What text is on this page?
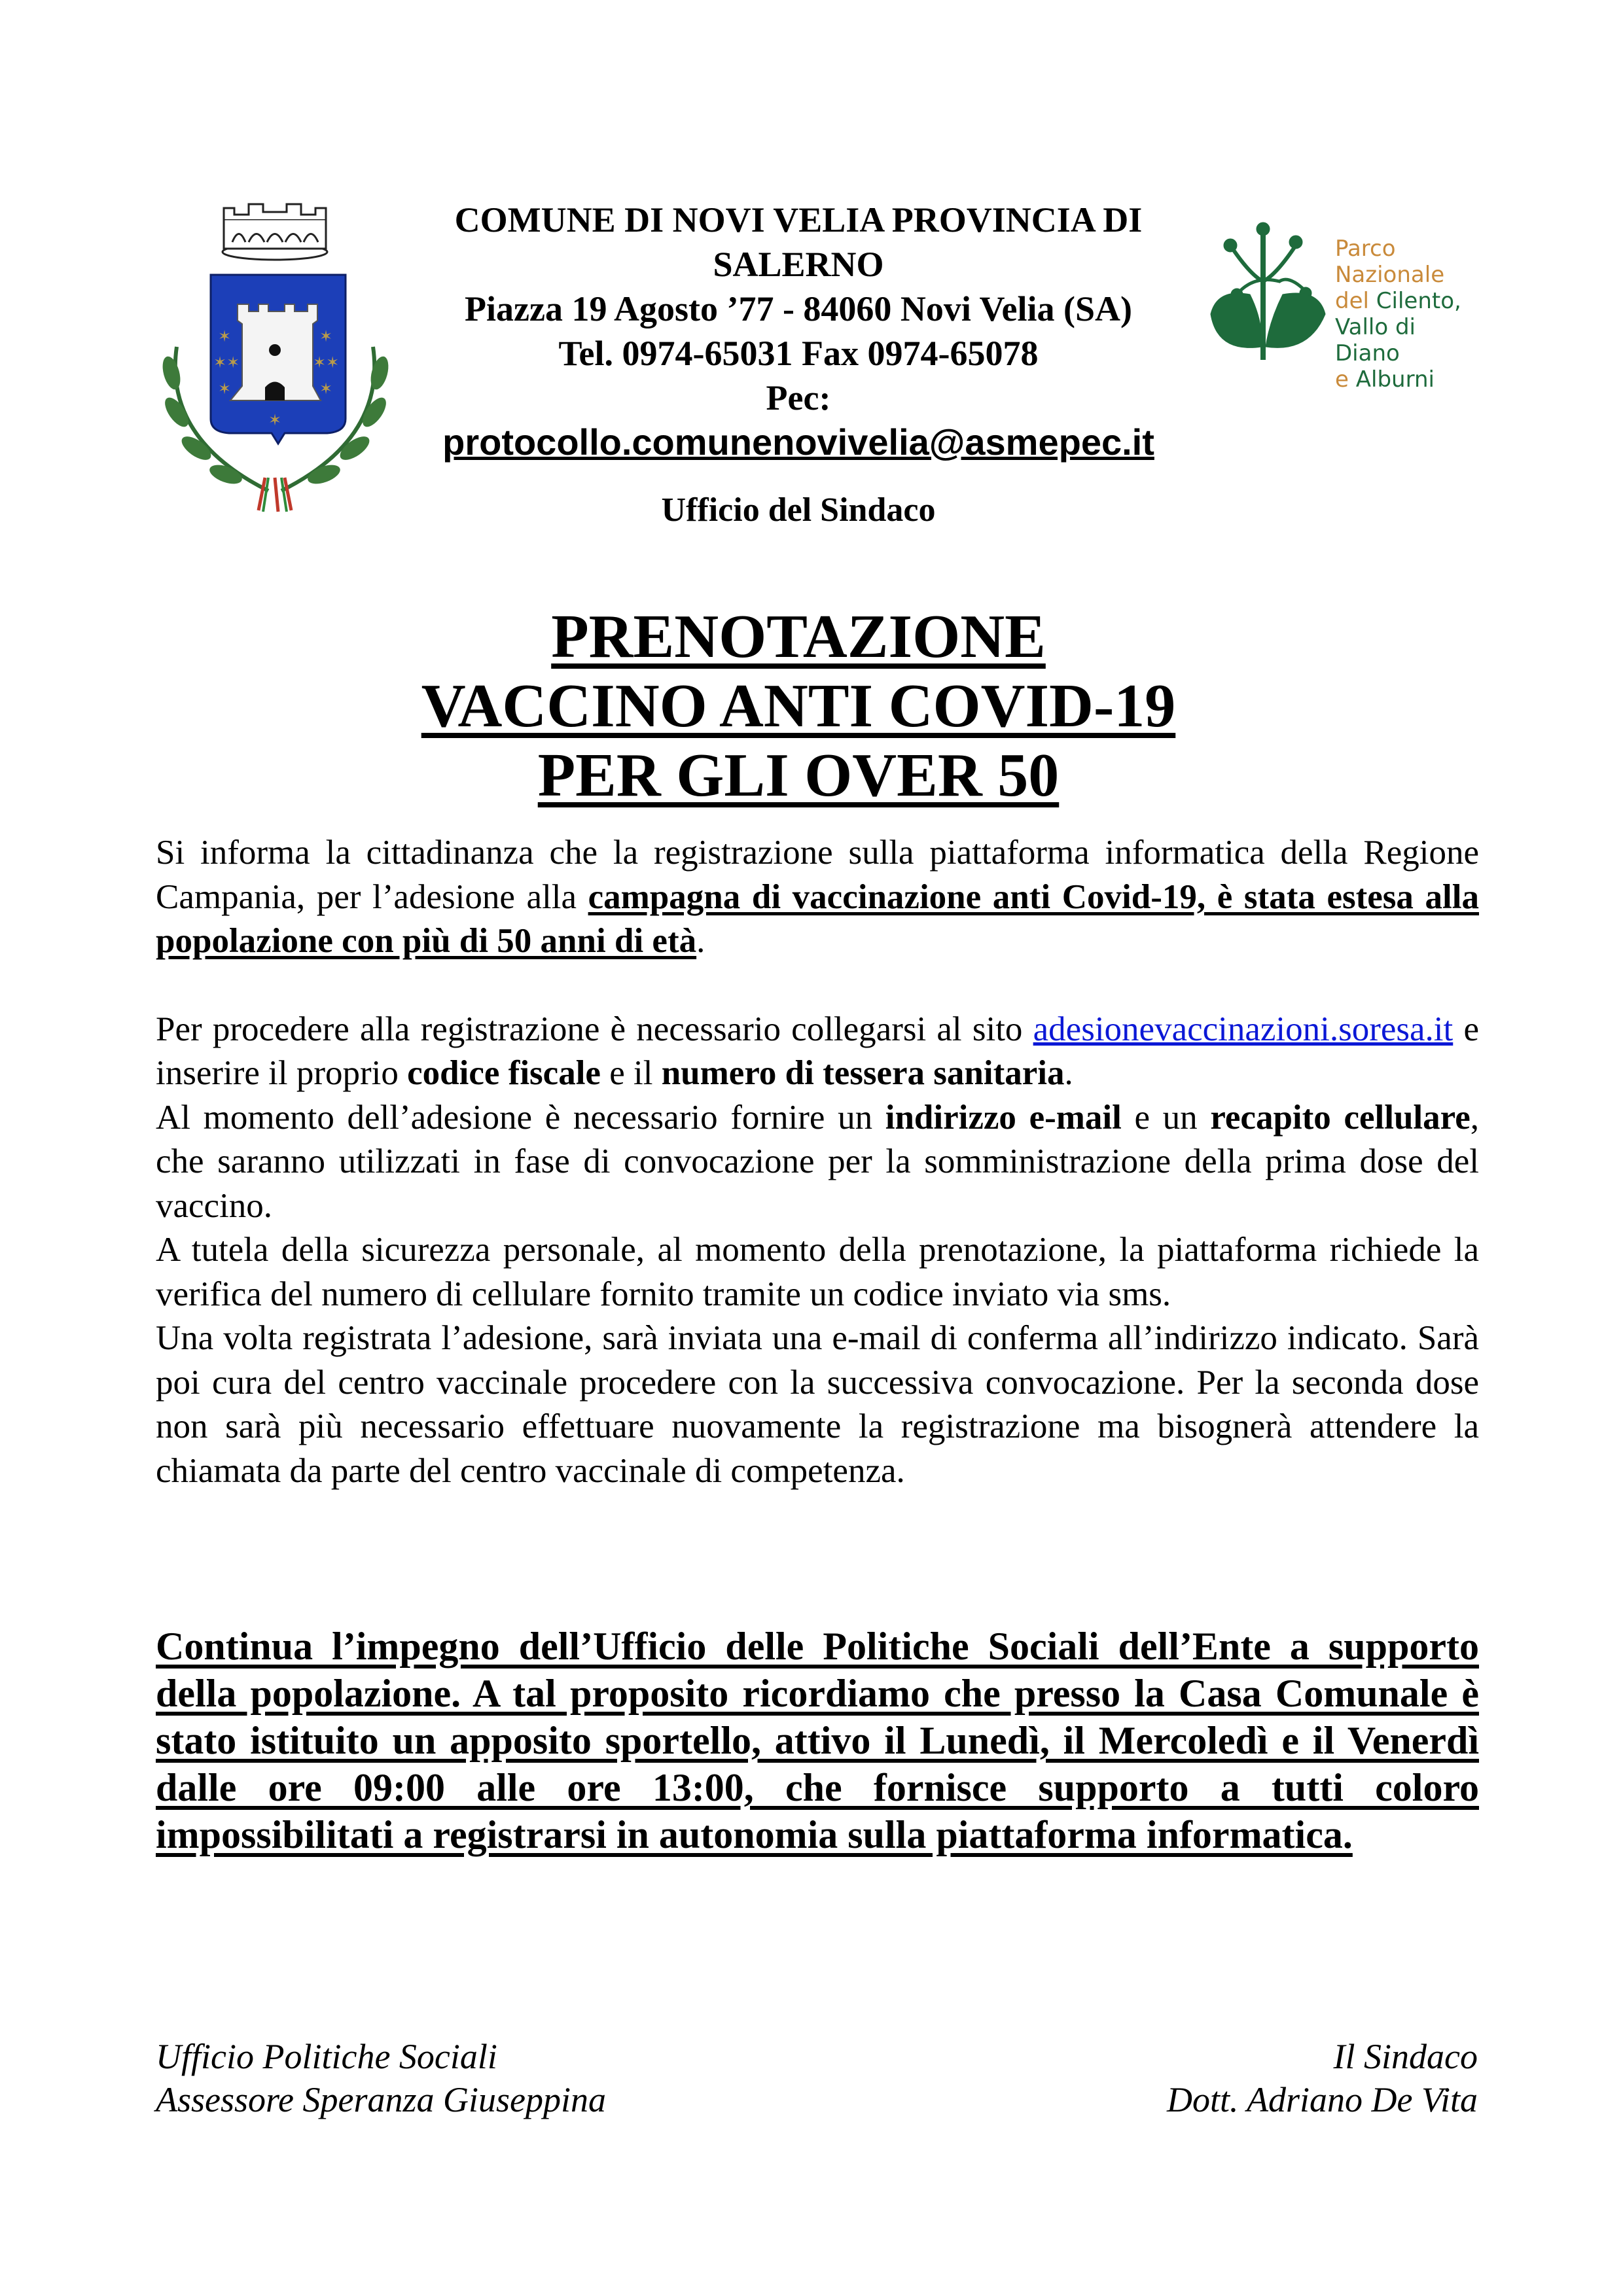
✶	✶
✶✶	✶✶
✶	✶
✶
COMUNE DI NOVI VELIA PROVINCIA DI
SALERNO
Piazza 19 Agosto ’77 - 84060 Novi Velia (SA)
Tel. 0974-65031 Fax 0974-65078
Pec:
protocollo.comunenovivelia@asmepec.it
Ufficio del Sindaco
Parco Nazionale
del Cilento,
Vallo di Diano
e Alburni
PRENOTAZIONE
VACCINO ANTI COVID-19
PER GLI OVER 50

Si informa la cittadinanza che la registrazione sulla piattaforma informatica della Regione Campania, per l’adesione alla campagna di vaccinazione anti Covid-19, è stata estesa alla popolazione con più di 50 anni di età.

Per procedere alla registrazione è necessario collegarsi al sito adesionevaccinazioni.soresa.it e inserire il proprio codice fiscale e il numero di tessera sanitaria.

Al momento dell’adesione è necessario fornire un indirizzo e-mail e un recapito cellulare, che saranno utilizzati in fase di convocazione per la somministrazione della prima dose del vaccino.

A tutela della sicurezza personale, al momento della prenotazione, la piattaforma richiede la verifica del numero di cellulare fornito tramite un codice inviato via sms.

Una volta registrata l’adesione, sarà inviata una e-mail di conferma all’indirizzo indicato. Sarà poi cura del centro vaccinale procedere con la successiva convocazione. Per la seconda dose non sarà più necessario effettuare nuovamente la registrazione ma bisognerà attendere la chiamata da parte del centro vaccinale di competenza.

Continua l’impegno dell’Ufficio delle Politiche Sociali dell’Ente a supporto della popolazione. A tal proposito ricordiamo che presso la Casa Comunale è stato istituito un apposito sportello, attivo il Lunedì, il Mercoledì e il Venerdì dalle ore 09:00 alle ore 13:00, che fornisce supporto a tutti coloro impossibilitati a registrarsi in autonomia sulla piattaforma informatica.
Ufficio Politiche Sociali
Assessore Speranza Giuseppina
Il Sindaco
Dott. Adriano De Vita
